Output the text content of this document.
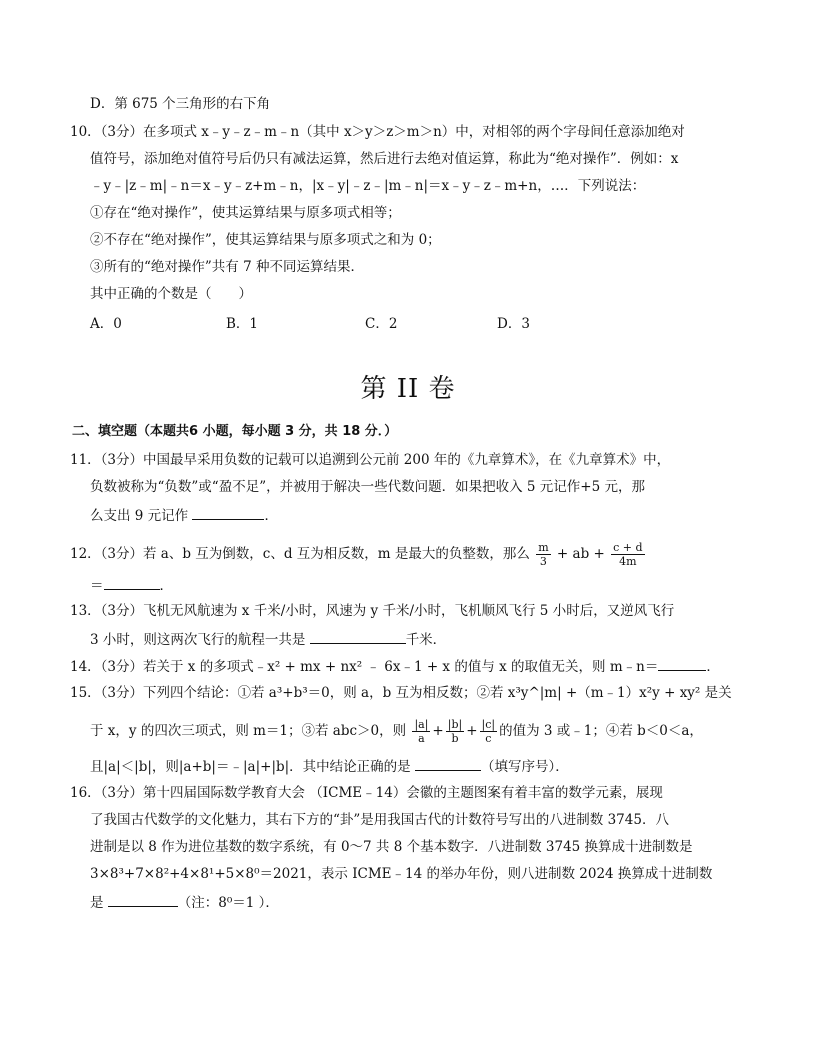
D．第 675 个三角形的右下角
10．（3分）在多项式 x﹣y﹣z﹣m﹣n（其中 x＞y＞z＞m＞n）中，对相邻的两个字母间任意添加绝对
值符号，添加绝对值符号后仍只有减法运算，然后进行去绝对值运算，称此为“绝对操作”．例如：x
﹣y﹣|z﹣m|﹣n＝x﹣y﹣z+m﹣n，|x﹣y|﹣z﹣|m﹣n|＝x﹣y﹣z﹣m+n，…．下列说法：
①存在“绝对操作”，使其运算结果与原多项式相等；
②不存在“绝对操作”，使其运算结果与原多项式之和为 0；
③所有的“绝对操作”共有 7 种不同运算结果．
其中正确的个数是（　　）
A．0	B．1	C．2	D．3
第 II 卷
二、填空题（本题共6 小题，每小题 3 分，共 18 分．）
11．（3分）中国最早采用负数的记载可以追溯到公元前 200 年的《九章算术》，在《九章算术》中，
负数被称为“负数”或“盈不足”，并被用于解决一些代数问题．如果把收入 5 元记作+5 元，那
么支出 9 元记作	．
12．（3分）若 a、b 互为倒数，c、d 互为相反数，m 是最大的负整数，那么 $\frac{m}{3}$ + ab + $\frac{c + d}{4m}$
＝	．
13．（3分）飞机无风航速为 x 千米/小时，风速为 y 千米/小时，飞机顺风飞行 5 小时后，又逆风飞行
3 小时，则这两次飞行的航程一共是	千米．
14．（3分）若关于 x 的多项式﹣x² + mx + nx² ﹣ 6x﹣1 + x 的值与 x 的取值无关，则 m﹣n＝	．
15．（3分）下列四个结论：①若 a³+b³＝0，则 a，b 互为相反数；②若 x³y^|m| +（m﹣1）x²y + xy² 是关
于 x，y 的四次三项式，则 m＝1；③若 abc＞0，则 $\frac{|a|}{a} + \frac{|b|}{b} + \frac{|c|}{c}$ 的值为 3 或﹣1；④若 b＜0＜a，
且|a|＜|b|，则|a+b|＝﹣|a|+|b|．其中结论正确的是	（填写序号）．
16．（3分）第十四届国际数学教育大会 （ICME﹣14）会徽的主题图案有着丰富的数学元素，展现
了我国古代数学的文化魅力，其右下方的“卦”是用我国古代的计数符号写出的八进制数 3745．八
进制是以 8 作为进位基数的数字系统，有 0～7 共 8 个基本数字．八进制数 3745 换算成十进制数是
3×8³+7×8²+4×8¹+5×8⁰＝2021，表示 ICME﹣14 的举办年份，则八进制数 2024 换算成十进制数
是	（注：8⁰＝1 ）．
